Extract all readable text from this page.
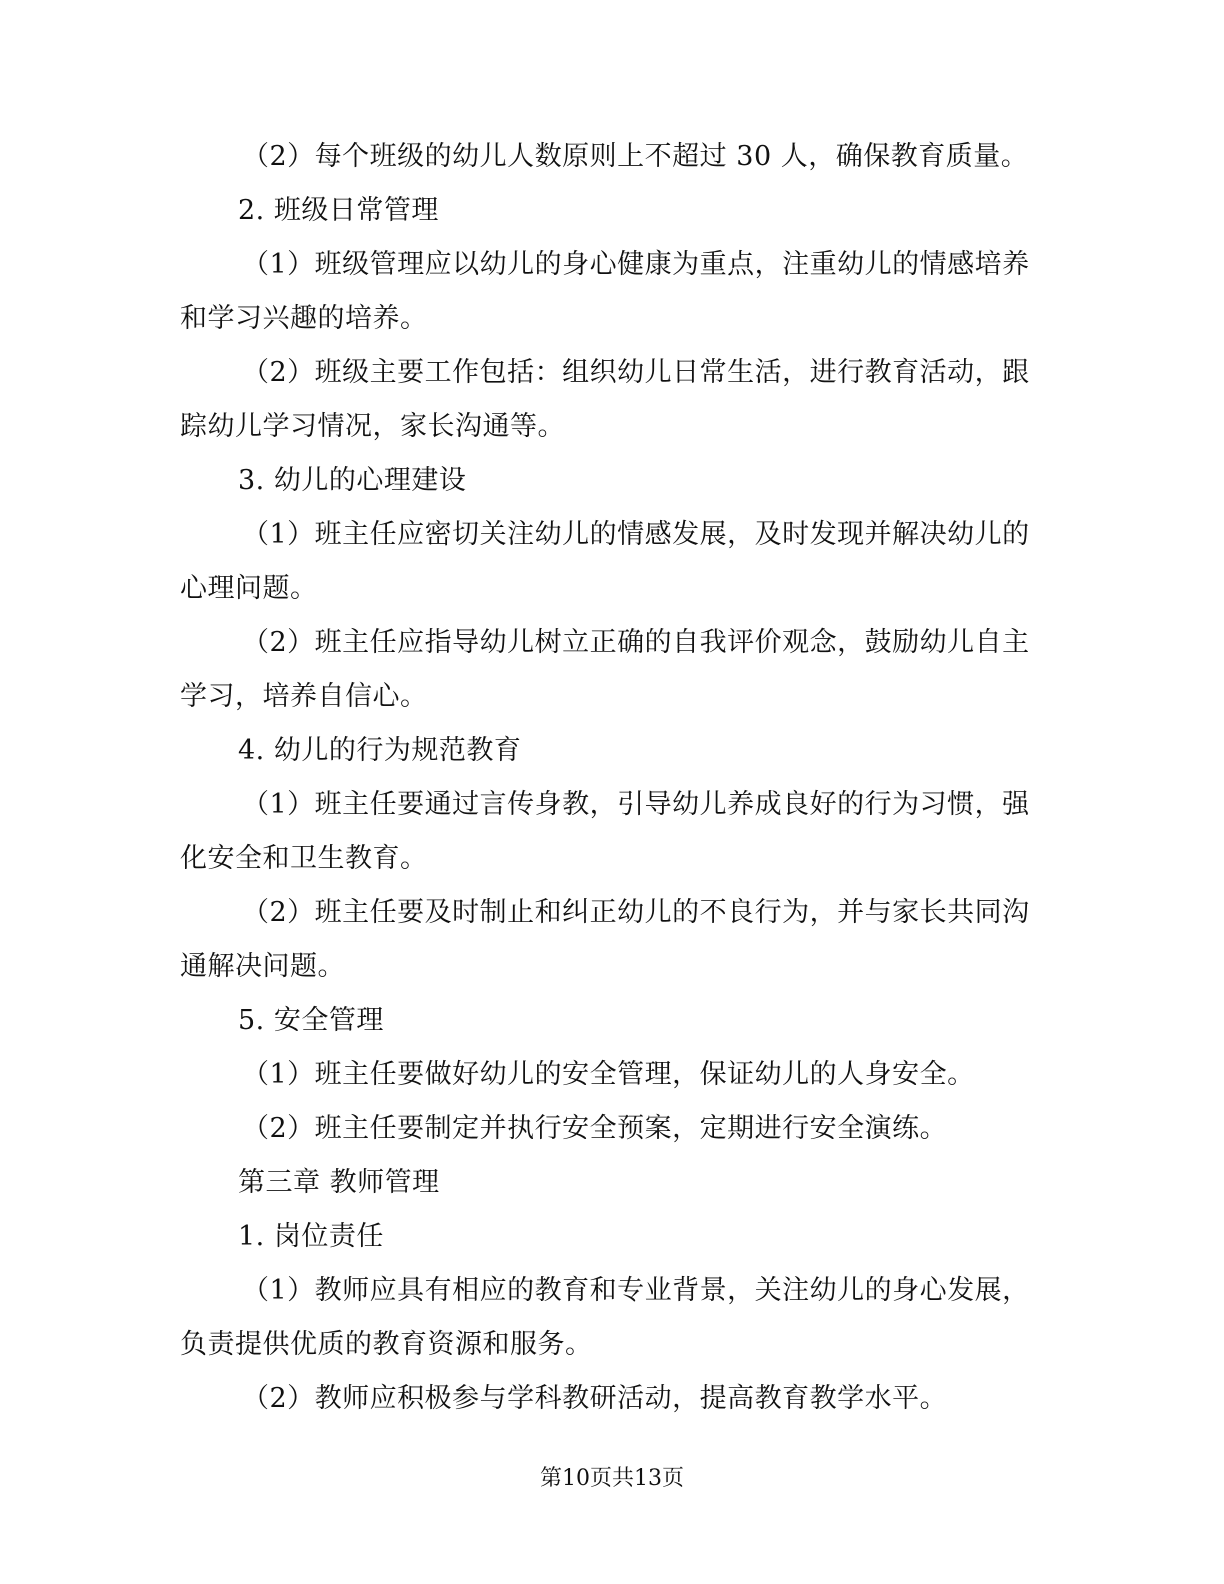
（2）每个班级的幼儿人数原则上不超过 30 人，确保教育质量。
2. 班级日常管理
（1）班级管理应以幼儿的身心健康为重点，注重幼儿的情感培养
和学习兴趣的培养。
（2）班级主要工作包括：组织幼儿日常生活，进行教育活动，跟
踪幼儿学习情况，家长沟通等。
3. 幼儿的心理建设
（1）班主任应密切关注幼儿的情感发展，及时发现并解决幼儿的
心理问题。
（2）班主任应指导幼儿树立正确的自我评价观念，鼓励幼儿自主
学习，培养自信心。
4. 幼儿的行为规范教育
（1）班主任要通过言传身教，引导幼儿养成良好的行为习惯，强
化安全和卫生教育。
（2）班主任要及时制止和纠正幼儿的不良行为，并与家长共同沟
通解决问题。
5. 安全管理
（1）班主任要做好幼儿的安全管理，保证幼儿的人身安全。
（2）班主任要制定并执行安全预案，定期进行安全演练。
第三章 教师管理
1. 岗位责任
（1）教师应具有相应的教育和专业背景，关注幼儿的身心发展，
负责提供优质的教育资源和服务。
（2）教师应积极参与学科教研活动，提高教育教学水平。
第10页共13页
